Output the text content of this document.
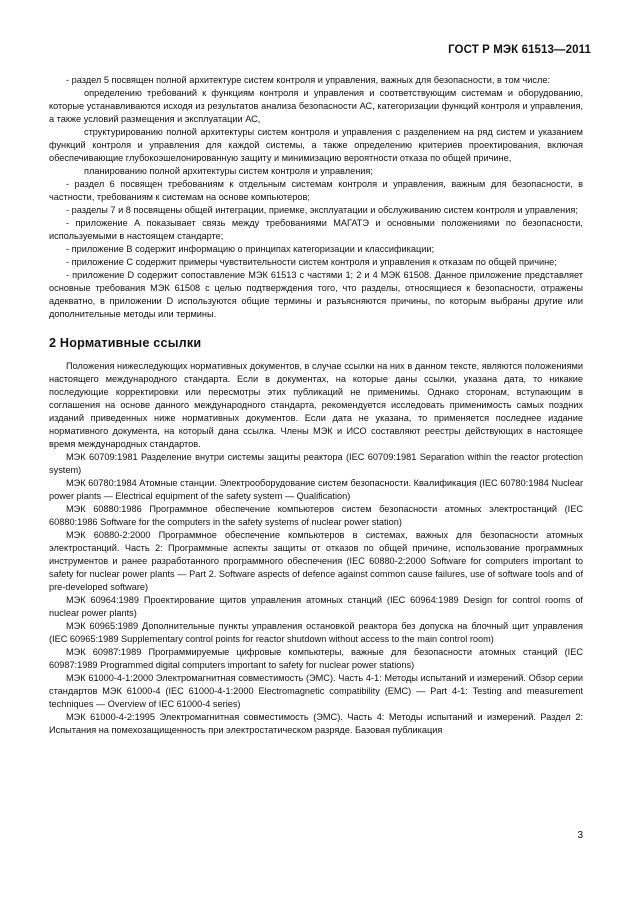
ГОСТ Р МЭК 61513—2011

- раздел 5 посвящен полной архитектуре систем контроля и управления, важных для безопасности, в том числе:

определению требований к функциям контроля и управления и соответствующим системам и оборудованию, которые устанавливаются исходя из результатов анализа безопасности АС, категоризации функций контроля и управления, а также условий размещения и эксплуатации АС,

структурированию полной архитектуры систем контроля и управления с разделением на ряд систем и указанием функций контроля и управления для каждой системы, а также определению критериев проектирования, включая обеспечивающие глубокоэшелонированную защиту и минимизацию вероятности отказа по общей причине,

планированию полной архитектуры систем контроля и управления;

- раздел 6 посвящен требованиям к отдельным системам контроля и управления, важным для безопасности, в частности, требованиям к системам на основе компьютеров;

- разделы 7 и 8 посвящены общей интеграции, приемке, эксплуатации и обслуживанию систем контроля и управления;

- приложение А показывает связь между требованиями МАГАТЭ и основными положениями по безопасности, используемыми в настоящем стандарте;

- приложение В содержит информацию о принципах категоризации и классификации;

- приложение С содержит примеры чувствительности систем контроля и управления к отказам по общей причине;

- приложение D содержит сопоставление МЭК 61513 с частями 1; 2 и 4 МЭК 61508. Данное приложение представляет основные требования МЭК 61508 с целью подтверждения того, что разделы, относящиеся к безопасности, отражены адекватно, в приложении D используются общие термины и разъясняются причины, по которым выбраны другие или дополнительные методы или термины.

2 Нормативные ссылки

Положения нижеследующих нормативных документов, в случае ссылки на них в данном тексте, являются положениями настоящего международного стандарта. Если в документах, на которые даны ссылки, указана дата, то никакие последующие корректировки или пересмотры этих публикаций не применимы. Однако сторонам, вступающим в соглашения на основе данного международного стандарта, рекомендуется исследовать применимость самых поздних изданий приведенных ниже нормативных документов. Если дата не указана, то применяется последнее издание нормативного документа, на который дана ссылка. Члены МЭК и ИСО составляют реестры действующих в настоящее время международных стандартов.

МЭК 60709:1981 Разделение внутри системы защиты реактора (IEC 60709:1981 Separation within the reactor protection system)

МЭК 60780:1984 Атомные станции. Электрооборудование систем безопасности. Квалификация (IEC 60780:1984 Nuclear power plants — Electrical equipment of the safety system — Qualification)

МЭК 60880:1986 Программное обеспечение компьютеров систем безопасности атомных электростанций (IEC 60880:1986 Software for the computers in the safety systems of nuclear power station)

МЭК 60880-2:2000 Программное обеспечение компьютеров в системах, важных для безопасности атомных электростанций. Часть 2: Программные аспекты защиты от отказов по общей причине, использование программных инструментов и ранее разработанного программного обеспечения (IEC 60880-2:2000 Software for computers important to safety for nuclear power plants — Part 2. Software aspects of defence against common cause failures, use of software tools and of pre-developed software)

МЭК 60964:1989 Проектирование щитов управления атомных станций (IEC 60964:1989 Design for control rooms of nuclear power plants)

МЭК 60965:1989 Дополнительные пункты управления остановкой реактора без допуска на блочный щит управления (IEC 60965:1989 Supplementary control points for reactor shutdown without access to the main control room)

МЭК 60987:1989 Программируемые цифровые компьютеры, важные для безопасности атомных станций (IEC 60987:1989 Programmed digital computers important to safety for nuclear power stations)

МЭК 61000-4-1:2000 Электромагнитная совместимость (ЭМС). Часть 4-1: Методы испытаний и измерений. Обзор серии стандартов МЭК 61000-4 (IEC 61000-4-1:2000 Electromagnetic compatibility (EMC) — Part 4-1: Testing and measurement techniques — Overview of IEC 61000-4 series)

МЭК 61000-4-2:1995 Электромагнитная совместимость (ЭМС). Часть 4: Методы испытаний и измерений. Раздел 2: Испытания на помехозащищенность при электростатическом разряде. Базовая публикация

3
